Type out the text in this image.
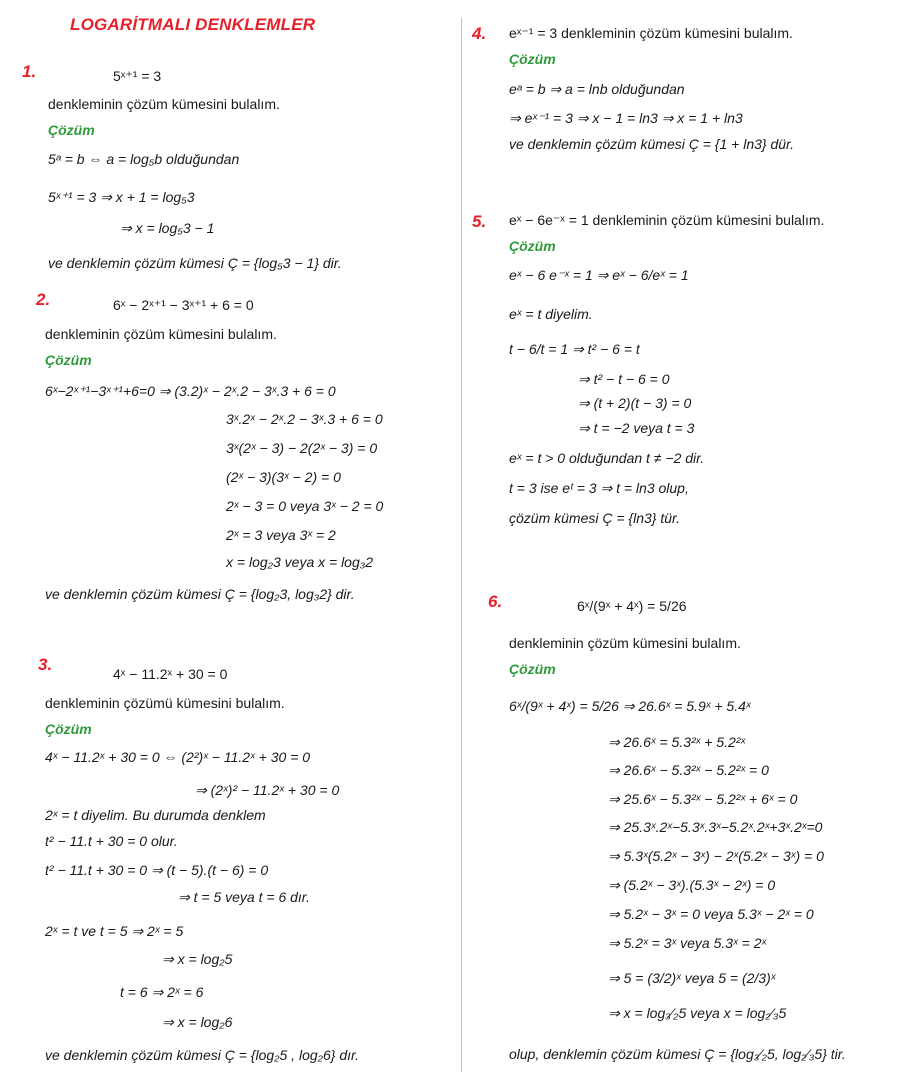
LOGARİTMALI DENKLEMLER
1.	5ˣ⁺¹ = 3
denkleminin çözüm kümesini bulalım.
Çözüm
5ᵃ = b ⇔ a = log₅b olduğundan
5ˣ⁺¹ = 3 ⇒ x + 1 = log₅3
⇒ x = log₅3 − 1
ve denklemin çözüm kümesi Ç = {log₅3 − 1} dir.
2.	6ˣ − 2ˣ⁺¹ − 3ˣ⁺¹ + 6 = 0
denkleminin çözüm kümesini bulalım.
Çözüm
6ˣ−2ˣ⁺¹−3ˣ⁺¹+6=0 ⇒ (3.2)ˣ − 2ˣ.2 − 3ˣ.3 + 6 = 0
3ˣ.2ˣ − 2ˣ.2 − 3ˣ.3 + 6 = 0
3ˣ(2ˣ − 3) − 2(2ˣ − 3) = 0
(2ˣ − 3)(3ˣ − 2) = 0
2ˣ − 3 = 0 veya 3ˣ − 2 = 0
2ˣ = 3 veya 3ˣ = 2
x = log₂3 veya x = log₃2
ve denklemin çözüm kümesi Ç = {log₂3, log₃2} dir.
3.	4ˣ − 11.2ˣ + 30 = 0
denkleminin çözümü kümesini bulalım.
Çözüm
4ˣ − 11.2ˣ + 30 = 0 ⇔ (2²)ˣ − 11.2ˣ + 30 = 0
⇒ (2ˣ)² − 11.2ˣ + 30 = 0
2ˣ = t diyelim. Bu durumda denklem
t² − 11.t + 30 = 0 olur.
t² − 11.t + 30 = 0 ⇒ (t − 5).(t − 6) = 0
⇒ t = 5 veya t = 6 dır.
2ˣ = t ve t = 5 ⇒ 2ˣ = 5
⇒ x = log₂5
t = 6 ⇒ 2ˣ = 6
⇒ x = log₂6
ve denklemin çözüm kümesi Ç = {log₂5 , log₂6} dır.
4. eˣ⁻¹ = 3 denkleminin çözüm kümesini bulalım.
Çözüm
eᵃ = b ⇒ a = lnb olduğundan
⇒ eˣ⁻¹ = 3 ⇒ x − 1 = ln3 ⇒ x = 1 + ln3
ve denklemin çözüm kümesi Ç = {1 + ln3} dür.
5. eˣ − 6e⁻ˣ = 1 denkleminin çözüm kümesini bulalım.
Çözüm
eˣ − 6 e⁻ˣ = 1 ⇒ eˣ − 6/eˣ = 1
eˣ = t diyelim.
t − 6/t = 1 ⇒ t² − 6 = t
⇒ t² − t − 6 = 0
⇒ (t + 2)(t − 3) = 0
⇒ t = −2 veya t = 3
eˣ = t > 0 olduğundan t ≠ −2 dir.
t = 3 ise eᵗ = 3 ⇒ t = ln3 olup,
çözüm kümesi Ç = {ln3} tür.
6.	6ˣ/(9ˣ + 4ˣ) = 5/26
denkleminin çözüm kümesini bulalım.
Çözüm
6ˣ/(9ˣ + 4ˣ) = 5/26 ⇒ 26.6ˣ = 5.9ˣ + 5.4ˣ
⇒ 26.6ˣ = 5.3²ˣ + 5.2²ˣ
⇒ 26.6ˣ − 5.3²ˣ − 5.2²ˣ = 0
⇒ 25.6ˣ − 5.3²ˣ − 5.2²ˣ + 6ˣ = 0
⇒ 25.3ˣ.2ˣ−5.3ˣ.3ˣ−5.2ˣ.2ˣ+3ˣ.2ˣ=0
⇒ 5.3ˣ(5.2ˣ − 3ˣ) − 2ˣ(5.2ˣ − 3ˣ) = 0
⇒ (5.2ˣ − 3ˣ).(5.3ˣ − 2ˣ) = 0
⇒ 5.2ˣ − 3ˣ = 0 veya 5.3ˣ − 2ˣ = 0
⇒ 5.2ˣ = 3ˣ veya 5.3ˣ = 2ˣ
⇒ 5 = (3/2)ˣ veya 5 = (2/3)ˣ
⇒ x = log₃⁄₂5 veya x = log₂⁄₃5
olup, denklemin çözüm kümesi Ç = {log₃⁄₂5, log₂⁄₃5} tir.
